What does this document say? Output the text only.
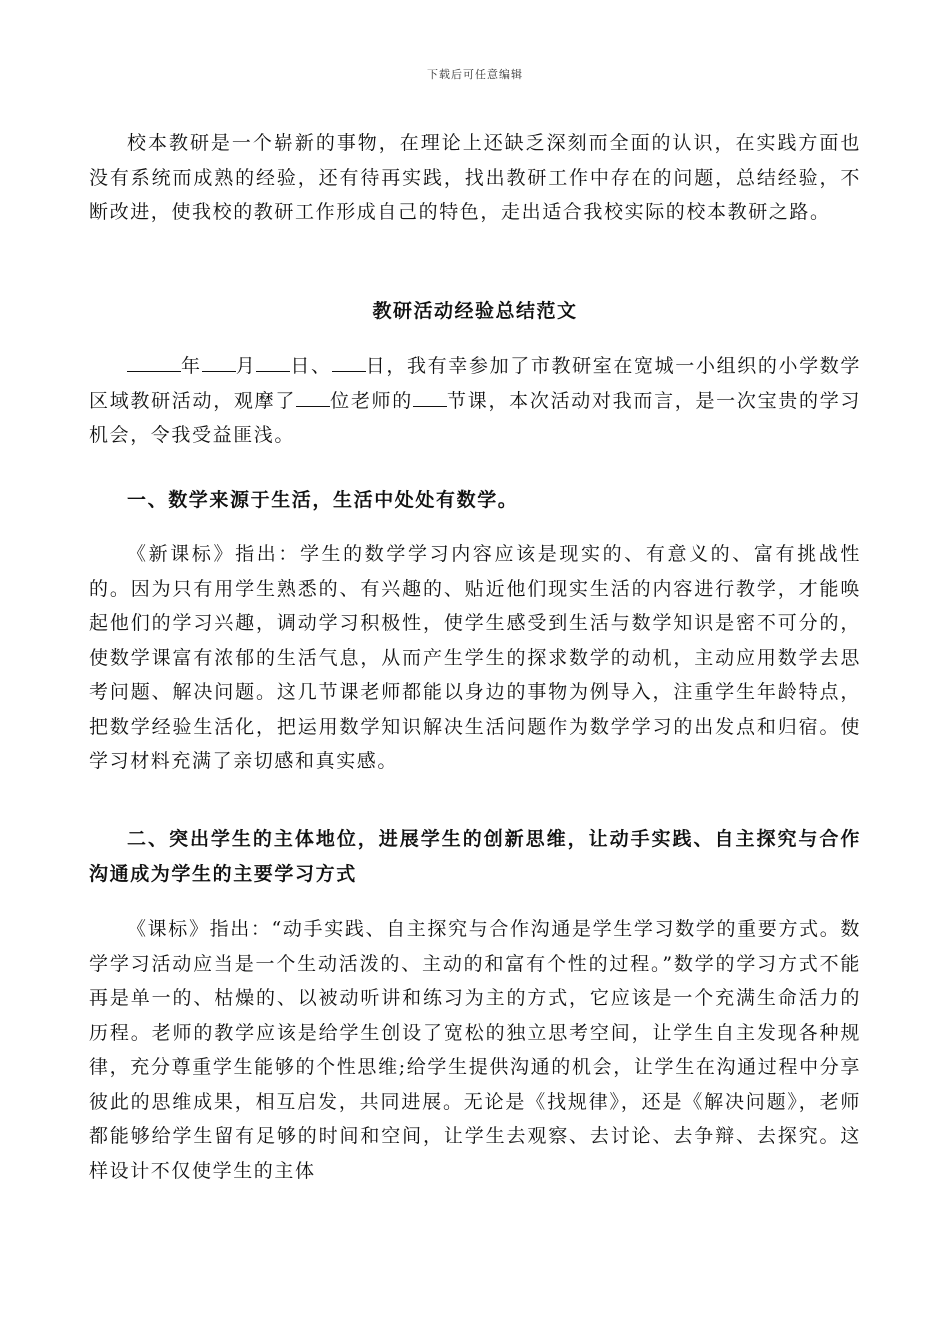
下载后可任意编辑

校本教研是一个崭新的事物，在理论上还缺乏深刻而全面的认识，在实践方面也没有系统而成熟的经验，还有待再实践，找出教研工作中存在的问题，总结经验，不断改进，使我校的教研工作形成自己的特色，走出适合我校实际的校本教研之路。

教研活动经验总结范文

年 月 日、 日，我有幸参加了市教研室在宽城一小组织的小学数学区域教研活动，观摩了 位老师的 节课，本次活动对我而言，是一次宝贵的学习机会，令我受益匪浅。

一、数学来源于生活，生活中处处有数学。

《新课标》指出：学生的数学学习内容应该是现实的、有意义的、富有挑战性的。因为只有用学生熟悉的、有兴趣的、贴近他们现实生活的内容进行教学，才能唤起他们的学习兴趣，调动学习积极性，使学生感受到生活与数学知识是密不可分的，使数学课富有浓郁的生活气息，从而产生学生的探求数学的动机，主动应用数学去思考问题、解决问题。这几节课老师都能以身边的事物为例导入，注重学生年龄特点，把数学经验生活化，把运用数学知识解决生活问题作为数学学习的出发点和归宿。使学习材料充满了亲切感和真实感。

二、突出学生的主体地位，进展学生的创新思维，让动手实践、自主探究与合作沟通成为学生的主要学习方式

《课标》指出：“动手实践、自主探究与合作沟通是学生学习数学的重要方式。数学学习活动应当是一个生动活泼的、主动的和富有个性的过程。”数学的学习方式不能再是单一的、枯燥的、以被动听讲和练习为主的方式，它应该是一个充满生命活力的历程。老师的教学应该是给学生创设了宽松的独立思考空间，让学生自主发现各种规律，充分尊重学生能够的个性思维;给学生提供沟通的机会，让学生在沟通过程中分享彼此的思维成果，相互启发，共同进展。无论是《找规律》，还是《解决问题》，老师都能够给学生留有足够的时间和空间，让学生去观察、去讨论、去争辩、去探究。这样设计不仅使学生的主体
